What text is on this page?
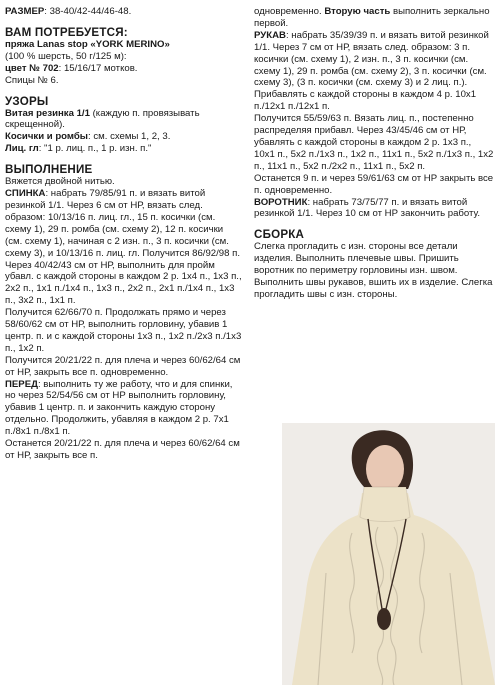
РАЗМЕР: 38-40/42-44/46-48.

ВАМ ПОТРЕБУЕТСЯ:

пряжа Lanas stop «YORK MERINO»

(100 % шерсть, 50 г/125 м):

цвет № 702: 15/16/17 мотков.

Спицы № 6.

УЗОРЫ

Витая резинка 1/1 (каждую п. провязывать скрещенной).

Косички и ромбы: см. схемы 1, 2, 3.

Лиц. гл: "1 р. лиц. п., 1 р. изн. п."

ВЫПОЛНЕНИЕ

Вяжется двойной нитью.

СПИНКА: набрать 79/85/91 п. и вязать витой резинкой 1/1. Через 6 см от НР, вязать след. образом: 10/13/16 п. лиц. гл., 15 п. косички (см. схему 1), 29 п. ромба (см. схему 2), 12 п. косички (см. схему 1), начиная с 2 изн. п., 3 п. косички (см. схему 3), и 10/13/16 п. лиц. гл. Получится 86/92/98 п. Через 40/42/43 см от НР, выполнить для пройм убавл. с каждой стороны в каждом 2 р. 1х4 п., 1х3 п., 2х2 п., 1х1 п./1х4 п., 1х3 п., 2х2 п., 2х1 п./1х4 п., 1х3 п., 3х2 п., 1х1 п.

Получится 62/66/70 п. Продолжать прямо и через 58/60/62 см от НР, выполнить горловину, убавив 1 центр. п. и с каждой стороны 1х3 п., 1х2 п./2х3 п./1х3 п., 1х2 п.

Получится 20/21/22 п. для плеча и через 60/62/64 см от НР, закрыть все п. одновременно.

ПЕРЕД: выполнить ту же работу, что и для спинки, но через 52/54/56 см от НР выполнить горловину, убавив 1 центр. п. и закончить каждую сторону отдельно. Продолжить, убавляя в каждом 2 р. 7х1 п./8х1 п./8х1 п.

Останется 20/21/22 п. для плеча и через 60/62/64 см от НР, закрыть все п.

одновременно. Вторую часть выполнить зеркально первой.

РУКАВ: набрать 35/39/39 п. и вязать витой резинкой 1/1. Через 7 см от НР, вязать след. образом: 3 п. косички (см. схему 1), 2 изн. п., 3 п. косички (см. схему 1), 29 п. ромба (см. схему 2), 3 п. косички (см. схему 3), (3 п. косички (см. схему 3) и 2 лиц. п.). Прибавлять с каждой стороны в каждом 4 р. 10х1 п./12х1 п./12х1 п.

Получится 55/59/63 п. Вязать лиц. п., постепенно распределяя прибавл. Через 43/45/46 см от НР, убавлять с каждой стороны в каждом 2 р. 1х3 п., 10х1 п., 5х2 п./1х3 п., 1х2 п., 11х1 п., 5х2 п./1х3 п., 1х2 п., 11х1 п., 5х2 п./2х2 п., 11х1 п., 5х2 п.

Останется 9 п. и через 59/61/63 см от НР закрыть все п. одновременно.

ВОРОТНИК: набрать 73/75/77 п. и вязать витой резинкой 1/1. Через 10 см от НР закончить работу.

СБОРКА

Слегка прогладить с изн. стороны все детали изделия. Выполнить плечевые швы. Пришить воротник по периметру горловины изн. швом. Выполнить швы рукавов, вшить их в изделие. Слегка прогладить швы с изн. стороны.
